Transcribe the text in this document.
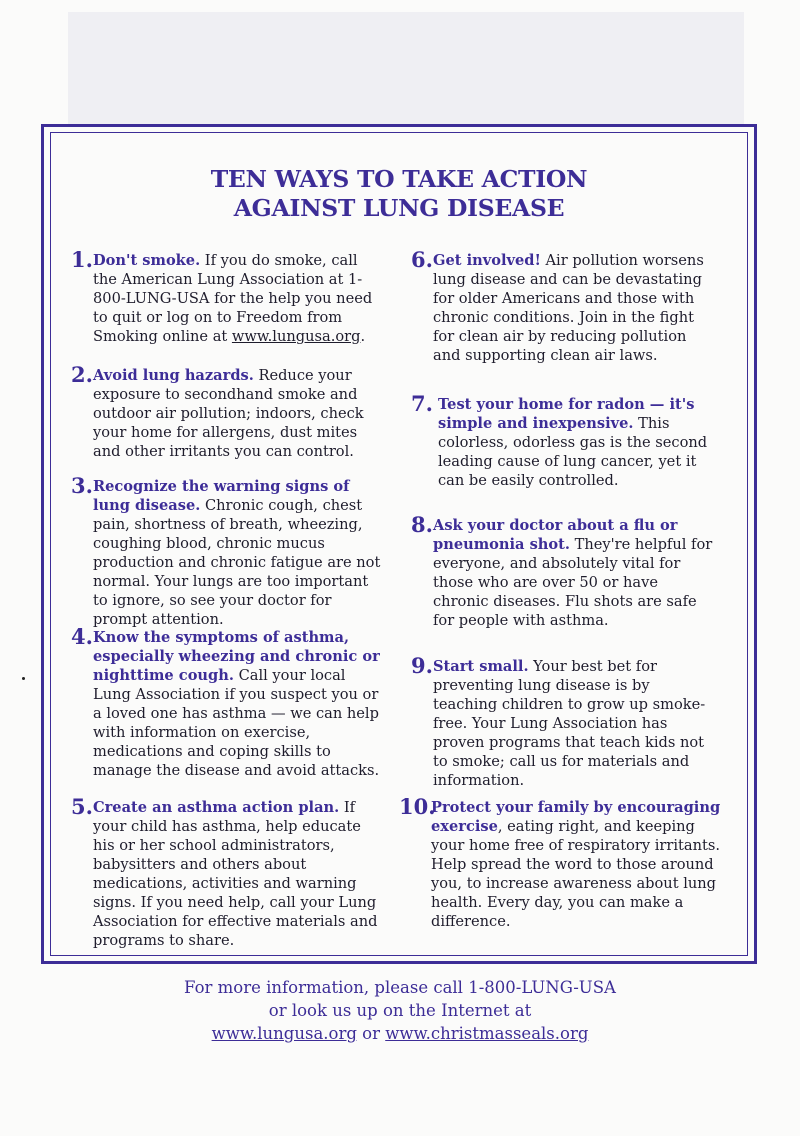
TEN WAYS TO TAKE ACTION
AGAINST LUNG DISEASE
1. Don't smoke. If you do smoke, call the American Lung Association at 1-800-LUNG-USA for the help you need to quit or log on to Freedom from Smoking online at www.lungusa.org.
2. Avoid lung hazards. Reduce your exposure to secondhand smoke and outdoor air pollution; indoors, check your home for allergens, dust mites and other irritants you can control.
3. Recognize the warning signs of lung disease. Chronic cough, chest pain, shortness of breath, wheezing, coughing blood, chronic mucus production and chronic fatigue are not normal. Your lungs are too important to ignore, so see your doctor for prompt attention.
4. Know the symptoms of asthma, especially wheezing and chronic or nighttime cough. Call your local Lung Association if you suspect you or a loved one has asthma — we can help with information on exercise, medications and coping skills to manage the disease and avoid attacks.
5. Create an asthma action plan. If your child has asthma, help educate his or her school administrators, babysitters and others about medications, activities and warning signs. If you need help, call your Lung Association for effective materials and programs to share.
6. Get involved! Air pollution worsens lung disease and can be devastating for older Americans and those with chronic conditions. Join in the fight for clean air by reducing pollution and supporting clean air laws.
7. Test your home for radon — it's simple and inexpensive. This colorless, odorless gas is the second leading cause of lung cancer, yet it can be easily controlled.
8. Ask your doctor about a flu or pneumonia shot. They're helpful for everyone, and absolutely vital for those who are over 50 or have chronic diseases. Flu shots are safe for people with asthma.
9. Start small. Your best bet for preventing lung disease is by teaching children to grow up smoke-free. Your Lung Association has proven programs that teach kids not to smoke; call us for materials and information.
10.
Protect your family by encouraging exercise, eating right, and keeping your home free of respiratory irritants. Help spread the word to those around you, to increase awareness about lung health. Every day, you can make a difference.
For more information, please call 1-800-LUNG-USA
or look us up on the Internet at
www.lungusa.org or www.christmasseals.org
